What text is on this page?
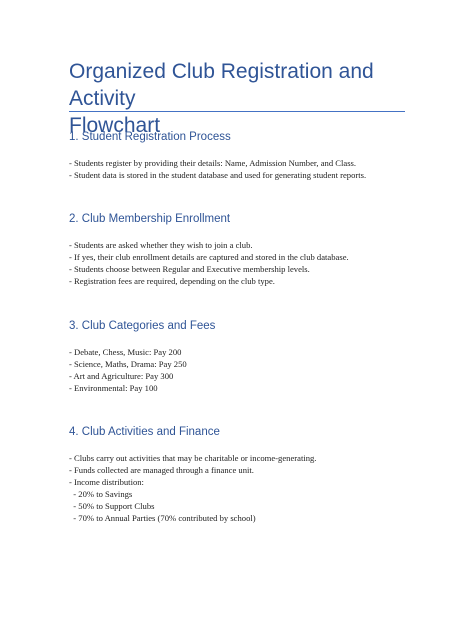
Organized Club Registration and Activity
Flowchart
1. Student Registration Process
- Students register by providing their details: Name, Admission Number, and Class.
- Student data is stored in the student database and used for generating student reports.
2. Club Membership Enrollment
- Students are asked whether they wish to join a club.
- If yes, their club enrollment details are captured and stored in the club database.
- Students choose between Regular and Executive membership levels.
- Registration fees are required, depending on the club type.
3. Club Categories and Fees
- Debate, Chess, Music: Pay 200
- Science, Maths, Drama: Pay 250
- Art and Agriculture: Pay 300
- Environmental: Pay 100
4. Club Activities and Finance
- Clubs carry out activities that may be charitable or income-generating.
- Funds collected are managed through a finance unit.
- Income distribution:
- 20% to Savings
- 50% to Support Clubs
- 70% to Annual Parties (70% contributed by school)
